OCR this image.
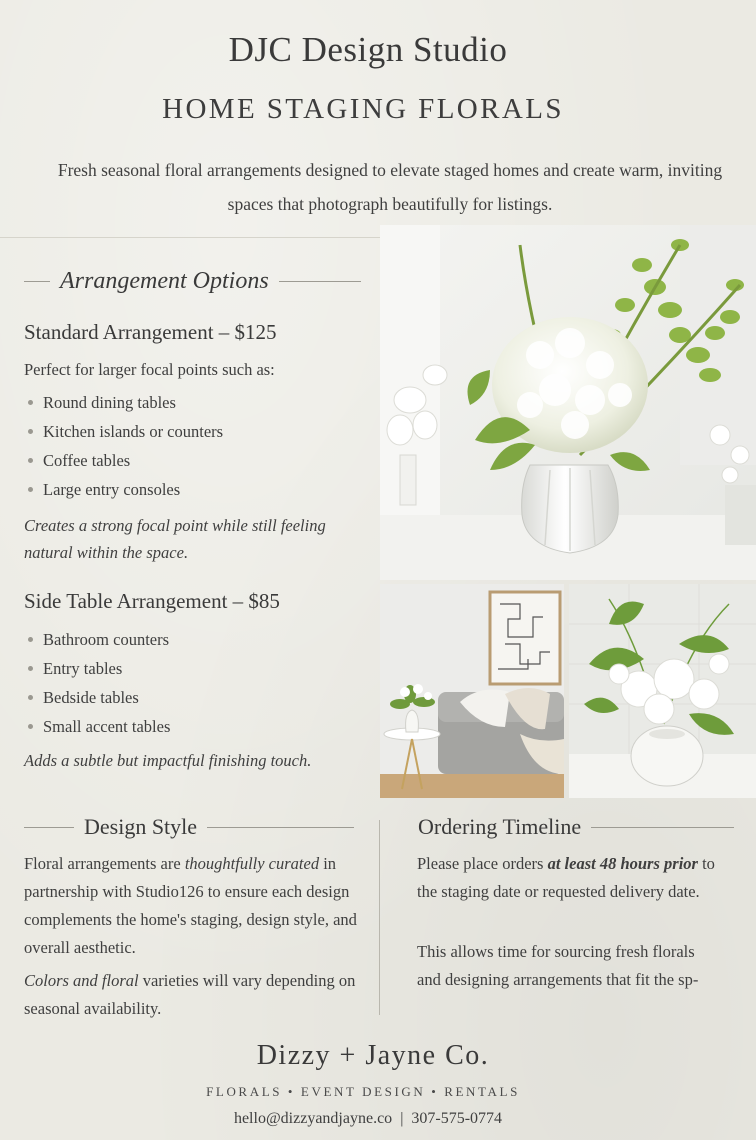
DJC Design Studio
HOME STAGING FLORALS
Fresh seasonal floral arrangements designed to elevate staged homes and create warm, inviting spaces that photograph beautifully for listings.
Arrangement Options
Standard Arrangement – $125
Perfect for larger focal points such as:
Round dining tables
Kitchen islands or counters
Coffee tables
Large entry consoles
Creates a strong focal point while still feeling natural within the space.
Side Table Arrangement – $85
Bathroom counters
Entry tables
Bedside tables
Small accent tables
Adds a subtle but impactful finishing touch.
Design Style
Floral arrangements are thoughtfully curated in partnership with Studio126 to ensure each design complements the home's staging, design style, and overall aesthetic.
Colors and floral varieties will vary depending on seasonal availability.
Ordering Timeline
Please place orders at least 48 hours prior to the staging date or requested delivery date.
This allows time for sourcing fresh florals
and designing arrangements that fit the sp-
Dizzy + Jayne Co.
FLORALS • EVENT DESIGN • RENTALS
hello@dizzyandjayne.co | 307-575-0774
